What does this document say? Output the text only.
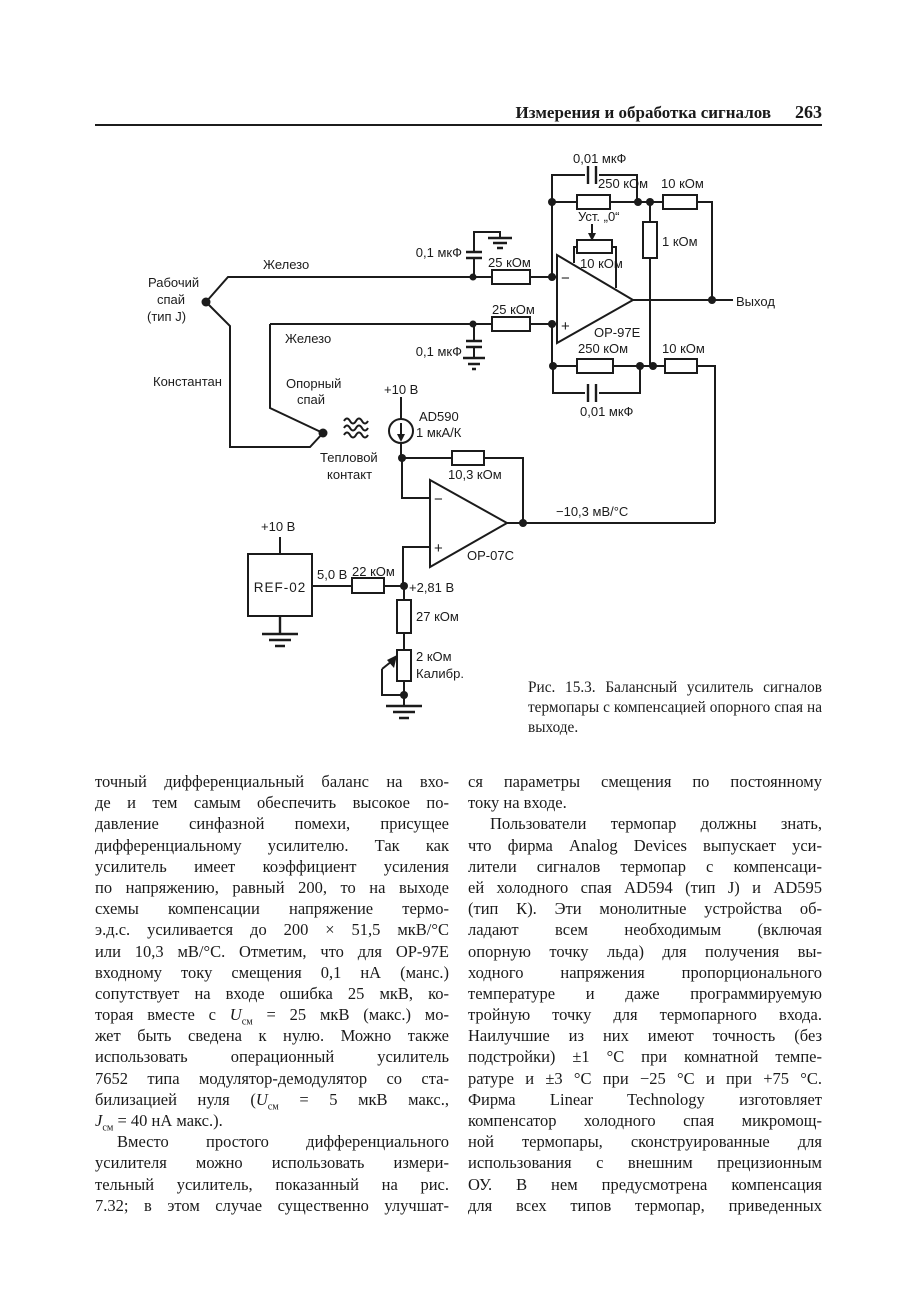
Измерения и обработка сигналов 263
0,01 мкФ
250 кОм 10 кОм
Уст. „0“
10 кОм
1 кОм
0,1 мкФ
25 кОм
25 кОм
Железо
Железо
Рабочий
спай
(тип J)
Константан	Опорный
спай
Тепловой
контакт
+10 В
AD590
1 мкА/К
10,3 кОм
−10,3 мВ/°С
250 кОм
0,01 мкФ
10 кОм
0,1 мкФ
Выход
OP-97E
−
+
−
+ OP-07C
+10 В
REF-02
5,0 В 22 кОм
+2,81 В
27 кОм
2 кОм
Калибр.
Рис. 15.3. Балансный усилитель сигналов
термопары с компенсацией опорного спая на
выходе.
точный дифференциальный баланс на вхо-
де и тем самым обеспечить высокое по-
давление синфазной помехи, присущее
дифференциальному усилителю. Так как
усилитель имеет коэффициент усиления
по напряжению, равный 200, то на выходе
схемы компенсации напряжение термо-
э.д.с. усиливается до 200 × 51,5 мкВ/°С
или 10,3 мВ/°С. Отметим, что для OP-97E
входному току смещения 0,1 нА (манс.)
сопутствует на входе ошибка 25 мкВ, ко-
торая вместе с $U_{см} = 25$ мкВ (макс.) мо-
жет быть сведена к нулю. Можно также
использовать операционный усилитель
7652 типа модулятор-демодулятор со ста-
билизацией нуля ($U_{см} = 5$ мкВ макс.,
$J_{см} = 40$ нА макс.).
Вместо простого дифференциального
усилителя можно использовать измери-
тельный усилитель, показанный на рис.
7.32; в этом случае существенно улучшат-
ся параметры смещения по постоянному
току на входе.
Пользователи термопар должны знать,
что фирма Analog Devices выпускает уси-
лители сигналов термопар с компенсаци-
ей холодного спая AD594 (тип J) и AD595
(тип К). Эти монолитные устройства об-
ладают всем необходимым (включая
опорную точку льда) для получения вы-
ходного напряжения пропорционального
температуре и даже программируемую
тройную точку для термопарного входа.
Наилучшие из них имеют точность (без
подстройки) ±1 °С при комнатной темпе-
ратуре и ±3 °С при −25 °С и при +75 °С.
Фирма Linear Technology изготовляет
компенсатор холодного спая микромощ-
ной термопары, сконструированные для
использования с внешним прецизионным
ОУ. В нем предусмотрена компенсация
для всех типов термопар, приведенных
